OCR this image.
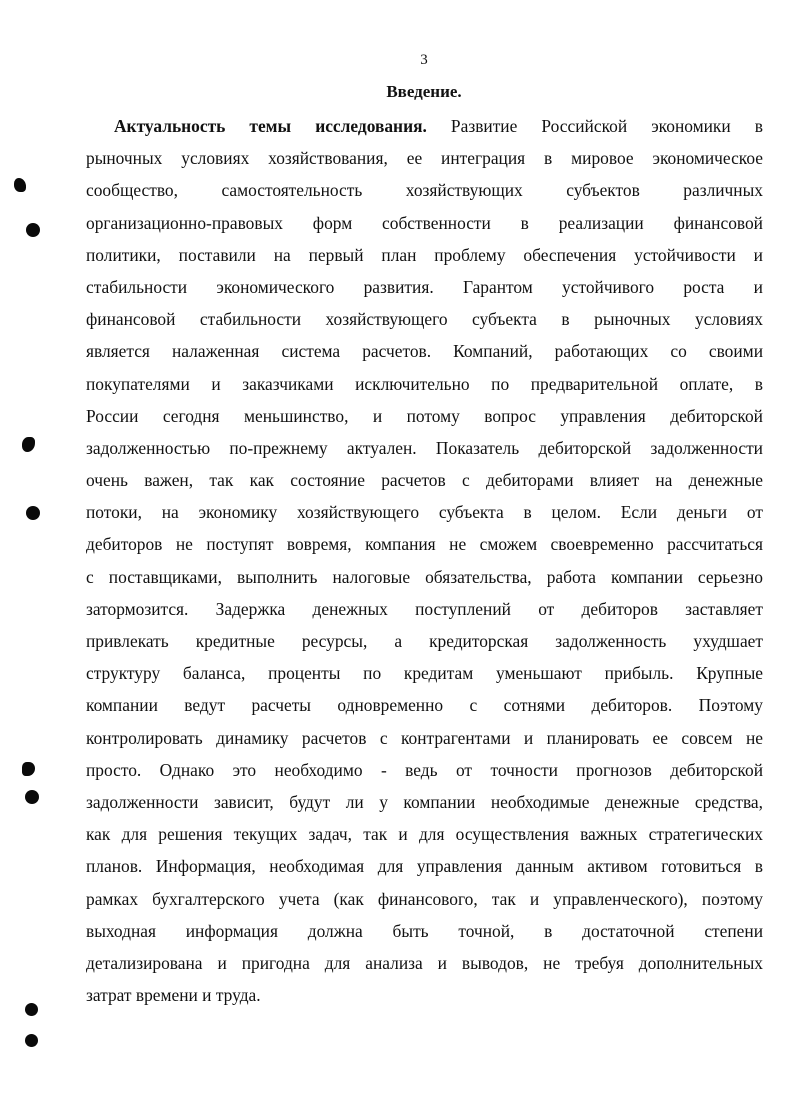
3
Введение.
Актуальность темы исследования. Развитие Российской экономики в
рыночных условиях хозяйствования, ее интеграция в мировое экономическое
сообщество, самостоятельность хозяйствующих субъектов различных
организационно-правовых форм собственности в реализации финансовой
политики, поставили на первый план проблему обеспечения устойчивости и
стабильности экономического развития. Гарантом устойчивого роста и
финансовой стабильности хозяйствующего субъекта в рыночных условиях
является налаженная система расчетов. Компаний, работающих со своими
покупателями и заказчиками исключительно по предварительной оплате, в
России сегодня меньшинство, и потому вопрос управления дебиторской
задолженностью по-прежнему актуален. Показатель дебиторской задолженности
очень важен, так как состояние расчетов с дебиторами влияет на денежные
потоки, на экономику хозяйствующего субъекта в целом. Если деньги от
дебиторов не поступят вовремя, компания не сможем своевременно рассчитаться
с поставщиками, выполнить налоговые обязательства, работа компании серьезно
затормозится. Задержка денежных поступлений от дебиторов заставляет
привлекать кредитные ресурсы, а кредиторская задолженность ухудшает
структуру баланса, проценты по кредитам уменьшают прибыль. Крупные
компании ведут расчеты одновременно с сотнями дебиторов. Поэтому
контролировать динамику расчетов с контрагентами и планировать ее совсем не
просто. Однако это необходимо - ведь от точности прогнозов дебиторской
задолженности зависит, будут ли у компании необходимые денежные средства,
как для решения текущих задач, так и для осуществления важных стратегических
планов. Информация, необходимая для управления данным активом готовиться в
рамках бухгалтерского учета (как финансового, так и управленческого), поэтому
выходная информация должна быть точной, в достаточной степени
детализирована и пригодна для анализа и выводов, не требуя дополнительных
затрат времени и труда.
